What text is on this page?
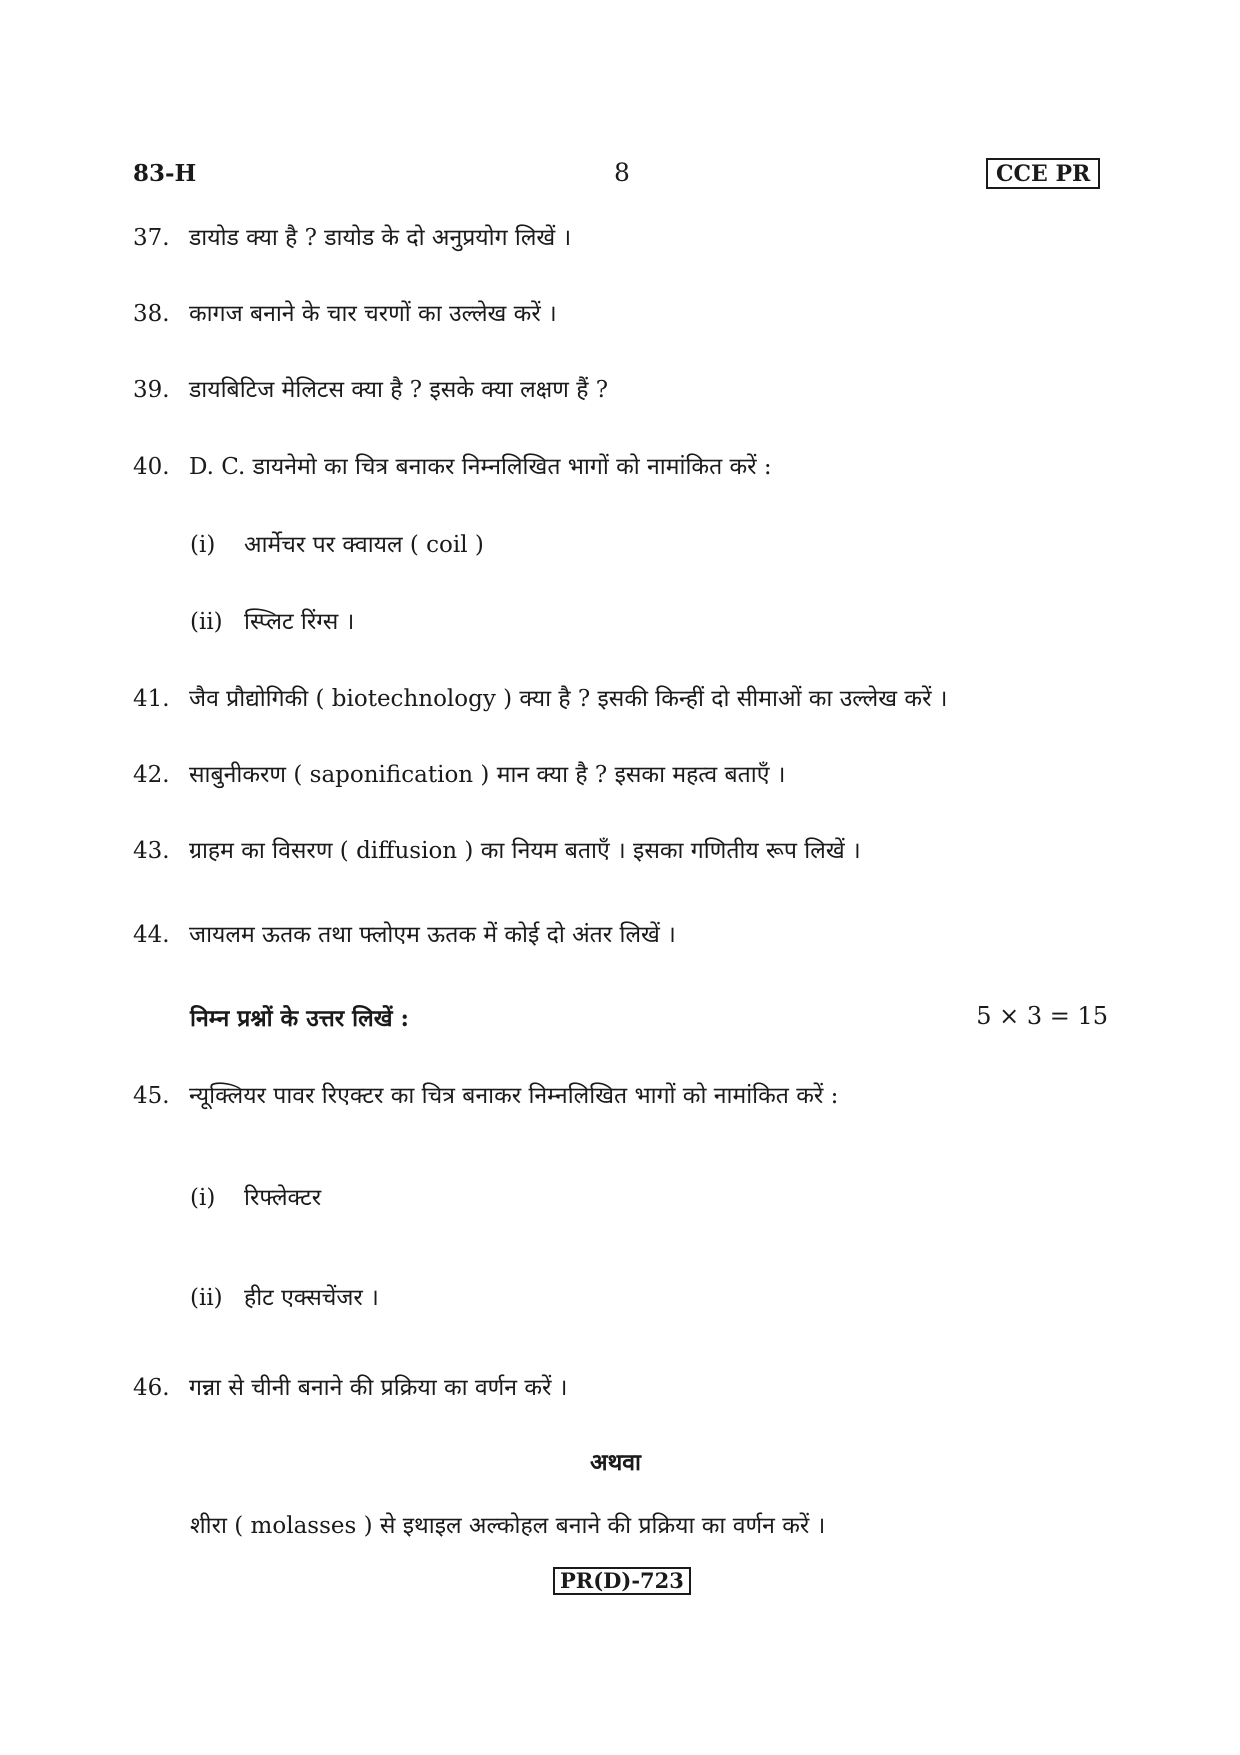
83-H	8	CCE PR
37. डायोड क्या है ? डायोड के दो अनुप्रयोग लिखें ।
38. कागज बनाने के चार चरणों का उल्लेख करें ।
39. डायबिटिज मेलिटस क्या है ? इसके क्या लक्षण हैं ?
40. D. C. डायनेमो का चित्र बनाकर निम्नलिखित भागों को नामांकित करें :
(i) आर्मेचर पर क्वायल ( coil )
(ii) स्प्लिट रिंग्स ।
41. जैव प्रौद्योगिकी ( biotechnology ) क्या है ? इसकी किन्हीं दो सीमाओं का उल्लेख करें ।
42. साबुनीकरण ( saponification ) मान क्या है ? इसका महत्व बताएँ ।
43. ग्राहम का विसरण ( diffusion ) का नियम बताएँ । इसका गणितीय रूप लिखें ।
44. जायलम ऊतक तथा फ्लोएम ऊतक में कोई दो अंतर लिखें ।
निम्न प्रश्नों के उत्तर लिखें :	5 × 3 = 15
45. न्यूक्लियर पावर रिएक्टर का चित्र बनाकर निम्नलिखित भागों को नामांकित करें :
(i) रिफ्लेक्टर
(ii) हीट एक्सचेंजर ।
46. गन्ना से चीनी बनाने की प्रक्रिया का वर्णन करें ।
अथवा
शीरा ( molasses ) से इथाइल अल्कोहल बनाने की प्रक्रिया का वर्णन करें ।
PR(D)-723
